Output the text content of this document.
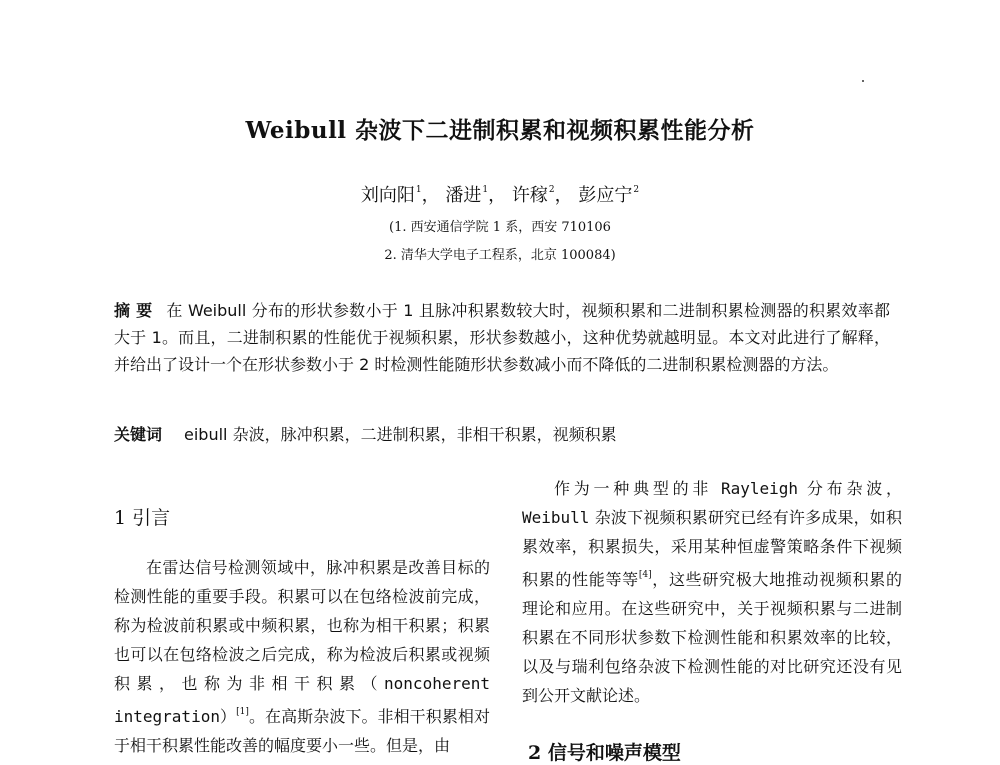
Weibull 杂波下二进制积累和视频积累性能分析
刘向阳$^1$， 潘进$^1$， 许稼$^2$， 彭应宁$^2$
(1. 西安通信学院 1 系，西安 710106
2. 清华大学电子工程系，北京 100084)
摘 要 在 Weibull 分布的形状参数小于 1 且脉冲积累数较大时，视频积累和二进制积累检测器的积累效率都大于 1。而且，二进制积累的性能优于视频积累，形状参数越小，这种优势就越明显。本文对此进行了解释，并给出了设计一个在形状参数小于 2 时检测性能随形状参数减小而不降低的二进制积累检测器的方法。
关键词 eibull 杂波，脉冲积累，二进制积累，非相干积累，视频积累
1 引言

在雷达信号检测领域中，脉冲积累是改善目标的检测性能的重要手段。积累可以在包络检波前完成，称为检波前积累或中频积累，也称为相干积累；积累也可以在包络检波之后完成，称为检波后积累或视频积累，也称为非相干积累（noncoherent integration）[1]。在高斯杂波下。非相干积累相对于相干积累性能改善的幅度要小一些。但是，由

作为一种典型的非 Rayleigh 分布杂波，Weibull 杂波下视频积累研究已经有许多成果，如积累效率，积累损失，采用某种恒虚警策略条件下视频积累的性能等等[4]，这些研究极大地推动视频积累的理论和应用。在这些研究中，关于视频积累与二进制积累在不同形状参数下检测性能和积累效率的比较，以及与瑞利包络杂波下检测性能的对比研究还没有见到公开文献论述。

2 信号和噪声模型
